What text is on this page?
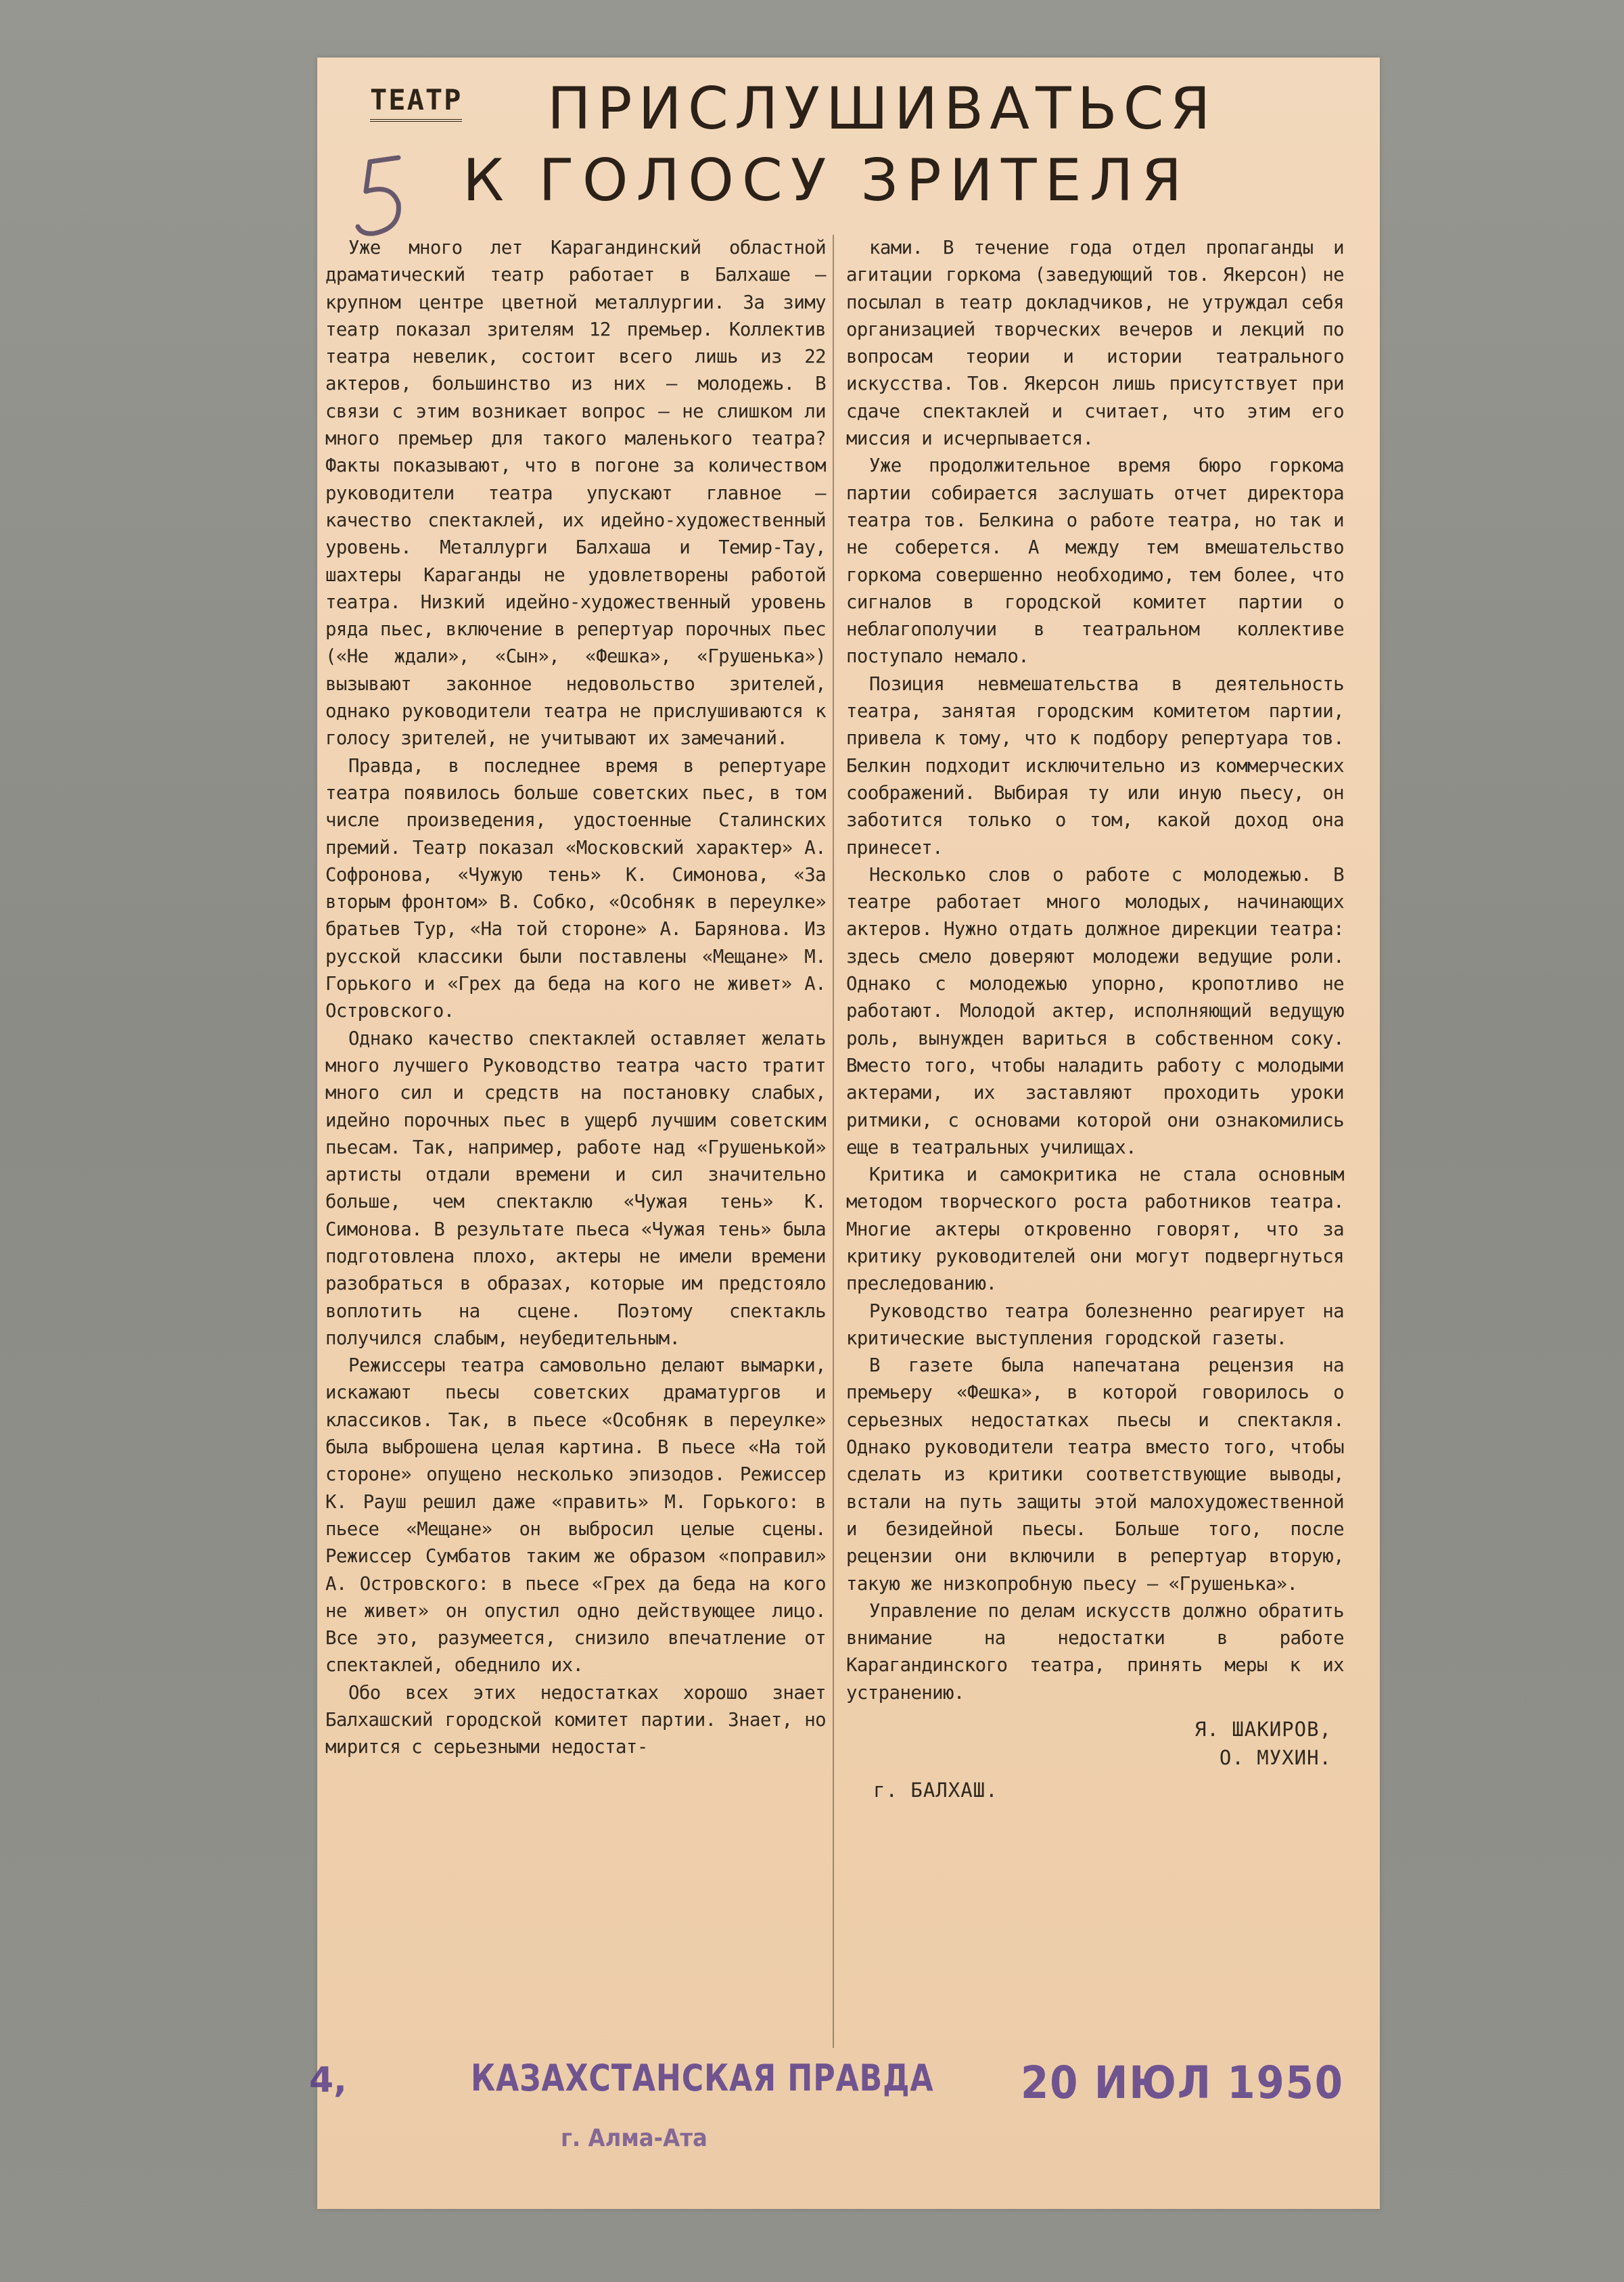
ТЕАТР ПРИСЛУШИВАТЬСЯ
К ГОЛОСУ ЗРИТЕЛЯ

Уже много лет Карагандинский областной драматический театр работает в Балхаше — крупном центре цветной металлургии. За зиму театр показал зрителям 12 премьер. Коллектив театра невелик, состоит всего лишь из 22 актеров, большинство из них — молодежь. В связи с этим возникает вопрос — не слишком ли много премьер для такого маленького театра? Факты показывают, что в погоне за количеством руководители театра упускают главное — качество спектаклей, их идейно-художественный уровень. Металлурги Балхаша и Темир-Тау, шахтеры Караганды не удовлетворены работой театра. Низкий идейно-художественный уровень ряда пьес, включение в репертуар порочных пьес («Не ждали», «Сын», «Фешка», «Грушенька») вызывают законное недовольство зрителей, однако руководители театра не прислушиваются к голосу зрителей, не учитывают их замечаний.

Правда, в последнее время в репертуаре театра появилось больше советских пьес, в том числе произведения, удостоенные Сталинских премий. Театр показал «Московский характер» А. Софронова, «Чужую тень» К. Симонова, «За вторым фронтом» В. Собко, «Особняк в переулке» братьев Тур, «На той стороне» А. Барянова. Из русской классики были поставлены «Мещане» М. Горького и «Грех да беда на кого не живет» А. Островского.

Однако качество спектаклей оставляет желать много лучшего Руководство театра часто тратит много сил и средств на постановку слабых, идейно порочных пьес в ущерб лучшим советским пьесам. Так, например, работе над «Грушенькой» артисты отдали времени и сил значительно больше, чем спектаклю «Чужая тень» К. Симонова. В результате пьеса «Чужая тень» была подготовлена плохо, актеры не имели времени разобраться в образах, которые им предстояло воплотить на сцене. Поэтому спектакль получился слабым, неубедительным.

Режиссеры театра самовольно делают вымарки, искажают пьесы советских драматургов и классиков. Так, в пьесе «Особняк в переулке» была выброшена целая картина. В пьесе «На той стороне» опущено несколько эпизодов. Режиссер К. Рауш решил даже «править» М. Горького: в пьесе «Мещане» он выбросил целые сцены. Режиссер Сумбатов таким же образом «поправил» А. Островского: в пьесе «Грех да беда на кого не живет» он опустил одно действующее лицо. Все это, разумеется, снизило впечатление от спектаклей, обеднило их.

Обо всех этих недостатках хорошо знает Балхашский городской комитет партии. Знает, но мирится с серьезными недостат-

ками. В течение года отдел пропаганды и агитации горкома (заведующий тов. Якерсон) не посылал в театр докладчиков, не утруждал себя организацией творческих вечеров и лекций по вопросам теории и истории театрального искусства. Тов. Якерсон лишь присутствует при сдаче спектаклей и считает, что этим его миссия и исчерпывается.

Уже продолжительное время бюро горкома партии собирается заслушать отчет директора театра тов. Белкина о работе театра, но так и не соберется. А между тем вмешательство горкома совершенно необходимо, тем более, что сигналов в городской комитет партии о неблагополучии в театральном коллективе поступало немало.

Позиция невмешательства в деятельность театра, занятая городским комитетом партии, привела к тому, что к подбору репертуара тов. Белкин подходит исключительно из коммерческих соображений. Выбирая ту или иную пьесу, он заботится только о том, какой доход она принесет.

Несколько слов о работе с молодежью. В театре работает много молодых, начинающих актеров. Нужно отдать должное дирекции театра: здесь смело доверяют молодежи ведущие роли. Однако с молодежью упорно, кропотливо не работают. Молодой актер, исполняющий ведущую роль, вынужден вариться в собственном соку. Вместо того, чтобы наладить работу с молодыми актерами, их заставляют проходить уроки ритмики, с основами которой они ознакомились еще в театральных училищах.

Критика и самокритика не стала основным методом творческого роста работников театра. Многие актеры откровенно говорят, что за критику руководителей они могут подвергнуться преследованию.

Руководство театра болезненно реагирует на критические выступления городской газеты.

В газете была напечатана рецензия на премьеру «Фешка», в которой говорилось о серьезных недостатках пьесы и спектакля. Однако руководители театра вместо того, чтобы сделать из критики соответствующие выводы, встали на путь защиты этой малохудожественной и безидейной пьесы. Больше того, после рецензии они включили в репертуар вторую, такую же низкопробную пьесу — «Грушенька».

Управление по делам искусств должно обратить внимание на недостатки в работе Карагандинского театра, принять меры к их устранению.

Я. ШАКИРОВ,
О. МУХИН.
г. БАЛХАШ.
4,	КАЗАХСТАНСКАЯ ПРАВДА 20 ИЮЛ 1950
г. Алма-Ата
